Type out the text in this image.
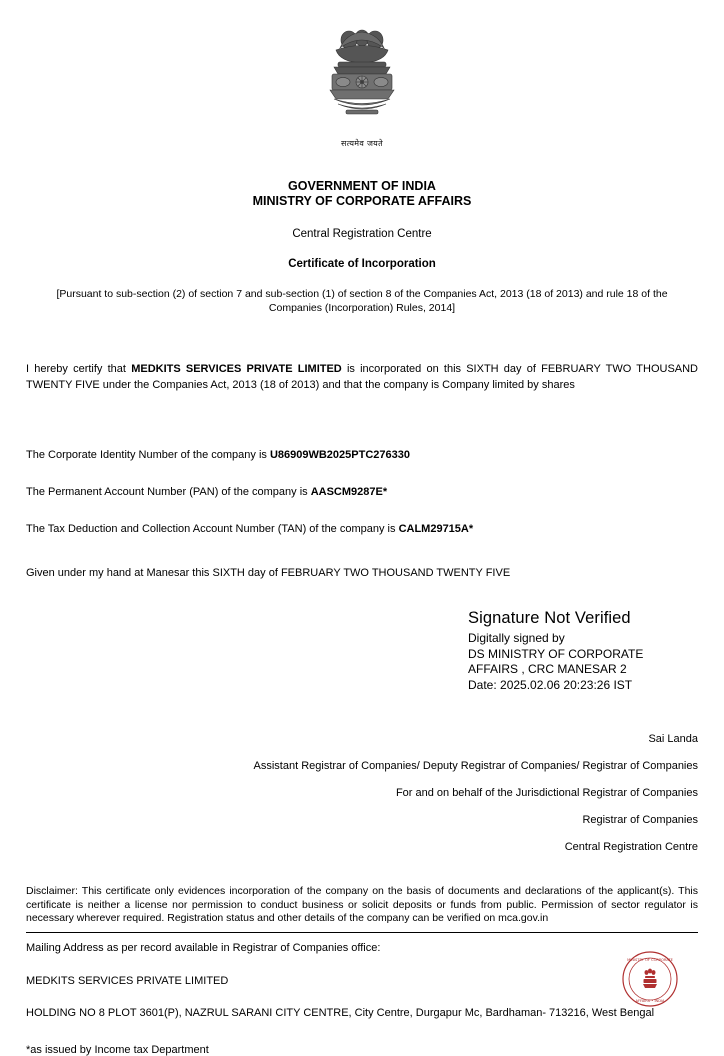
सत्यमेव जयते
GOVERNMENT OF INDIA
MINISTRY OF CORPORATE AFFAIRS
Central Registration Centre
Certificate of Incorporation
[Pursuant to sub-section (2) of section 7 and sub-section (1) of section 8 of the Companies Act, 2013 (18 of 2013) and rule 18 of the Companies (Incorporation) Rules, 2014]
I hereby certify that MEDKITS SERVICES PRIVATE LIMITED is incorporated on this SIXTH day of FEBRUARY TWO THOUSAND TWENTY FIVE under the Companies Act, 2013 (18 of 2013) and that the company is Company limited by shares
The Corporate Identity Number of the company is U86909WB2025PTC276330
The Permanent Account Number (PAN) of the company is AASCM9287E*
The Tax Deduction and Collection Account Number (TAN) of the company is CALM29715A*
Given under my hand at Manesar this SIXTH day of FEBRUARY TWO THOUSAND TWENTY FIVE
?
Signature Not Verified
Digitally signed by
DS MINISTRY OF CORPORATE
AFFAIRS , CRC MANESAR 2
Date: 2025.02.06 20:23:26 IST
Sai Landa
Assistant Registrar of Companies/ Deputy Registrar of Companies/ Registrar of Companies
For and on behalf of the Jurisdictional Registrar of Companies
Registrar of Companies
Central Registration Centre
Disclaimer: This certificate only evidences incorporation of the company on the basis of documents and declarations of the applicant(s). This certificate is neither a license nor permission to conduct business or solicit deposits or funds from public. Permission of sector regulator is necessary wherever required. Registration status and other details of the company can be verified on mca.gov.in
Mailing Address as per record available in Registrar of Companies office:
MEDKITS SERVICES PRIVATE LIMITED
HOLDING NO 8 PLOT 3601(P), NAZRUL SARANI CITY CENTRE, City Centre, Durgapur Mc, Bardhaman- 713216, West Bengal
*as issued by Income tax Department
MINISTRY OF CORPORATE
AFFAIRS • INDIA
